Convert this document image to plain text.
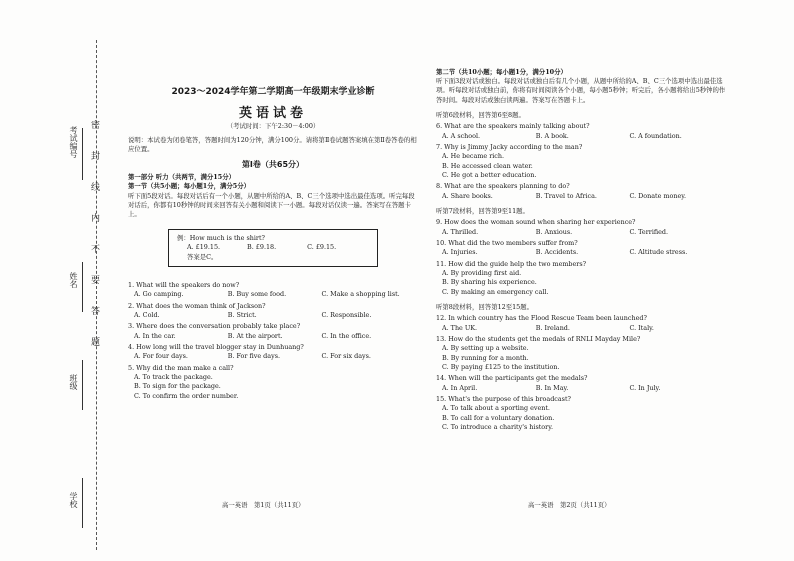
密封线内不要答题
考试编号
姓名
班级
学校

2023～2024学年第二学期高一年级期末学业诊断

英语试卷

（考试时间：下午2:30－4:00）

说明：本试卷为闭卷笔答，答题时间为120分钟，满分100分。请将第Ⅱ卷试题答案填在第Ⅱ卷答卷的相应位置。

第Ⅰ卷（共65分）

第一部分 听力（共两节，满分15分）

第一节（共5小题；每小题1分，满分5分）

听下面5段对话。每段对话后有一个小题，从题中所给的A、B、C三个选项中选出最佳选项。听完每段对话后，你都有10秒钟的时间来回答有关小题和阅读下一小题。每段对话仅读一遍。答案写在答题卡上。

例：How much is the shirt?

A. £19.15.	B. £9.18.	C. £9.15.

答案是C。

1. What will the speakers do now?

A. Go camping.	B. Buy some food.	C. Make a shopping list.

2. What does the woman think of Jackson?

A. Cold.	B. Strict.	C. Responsible.

3. Where does the conversation probably take place?

A. In the car.	B. At the airport.	C. In the office.

4. How long will the travel blogger stay in Dunhuang?

A. For four days.	B. For five days.	C. For six days.

5. Why did the man make a call?

A. To track the package.

B. To sign for the package.

C. To confirm the order number.

高一英语　第1页（共11页）

第二节（共10小题；每小题1分，满分10分）

听下面3段对话或独白。每段对话或独白后有几个小题，从题中所给的A、B、C三个选项中选出最佳选项。听每段对话或独白前，你将有时间阅读各个小题，每小题5秒钟；听完后，各小题将给出5秒钟的作答时间。每段对话或独白读两遍。答案写在答题卡上。

听第6段材料，回答第6至8题。

6. What are the speakers mainly talking about?

A. A school.	B. A book.	C. A foundation.

7. Why is Jimmy Jacky according to the man?

A. He became rich.

B. He accessed clean water.

C. He got a better education.

8. What are the speakers planning to do?

A. Share books.	B. Travel to Africa.	C. Donate money.

听第7段材料，回答第9至11题。

9. How does the woman sound when sharing her experience?

A. Thrilled.	B. Anxious.	C. Terrified.

10. What did the two members suffer from?

A. Injuries.	B. Accidents.	C. Altitude stress.

11. How did the guide help the two members?

A. By providing first aid.

B. By sharing his experience.

C. By making an emergency call.

听第8段材料，回答第12至15题。

12. In which country has the Flood Rescue Team been launched?

A. The UK.	B. Ireland.	C. Italy.

13. How do the students get the medals of RNLI Mayday Mile?

A. By setting up a website.

B. By running for a month.

C. By paying £125 to the institution.

14. When will the participants get the medals?

A. In April.	B. In May.	C. In July.

15. What's the purpose of this broadcast?

A. To talk about a sporting event.

B. To call for a voluntary donation.

C. To introduce a charity's history.

高一英语　第2页（共11页）
